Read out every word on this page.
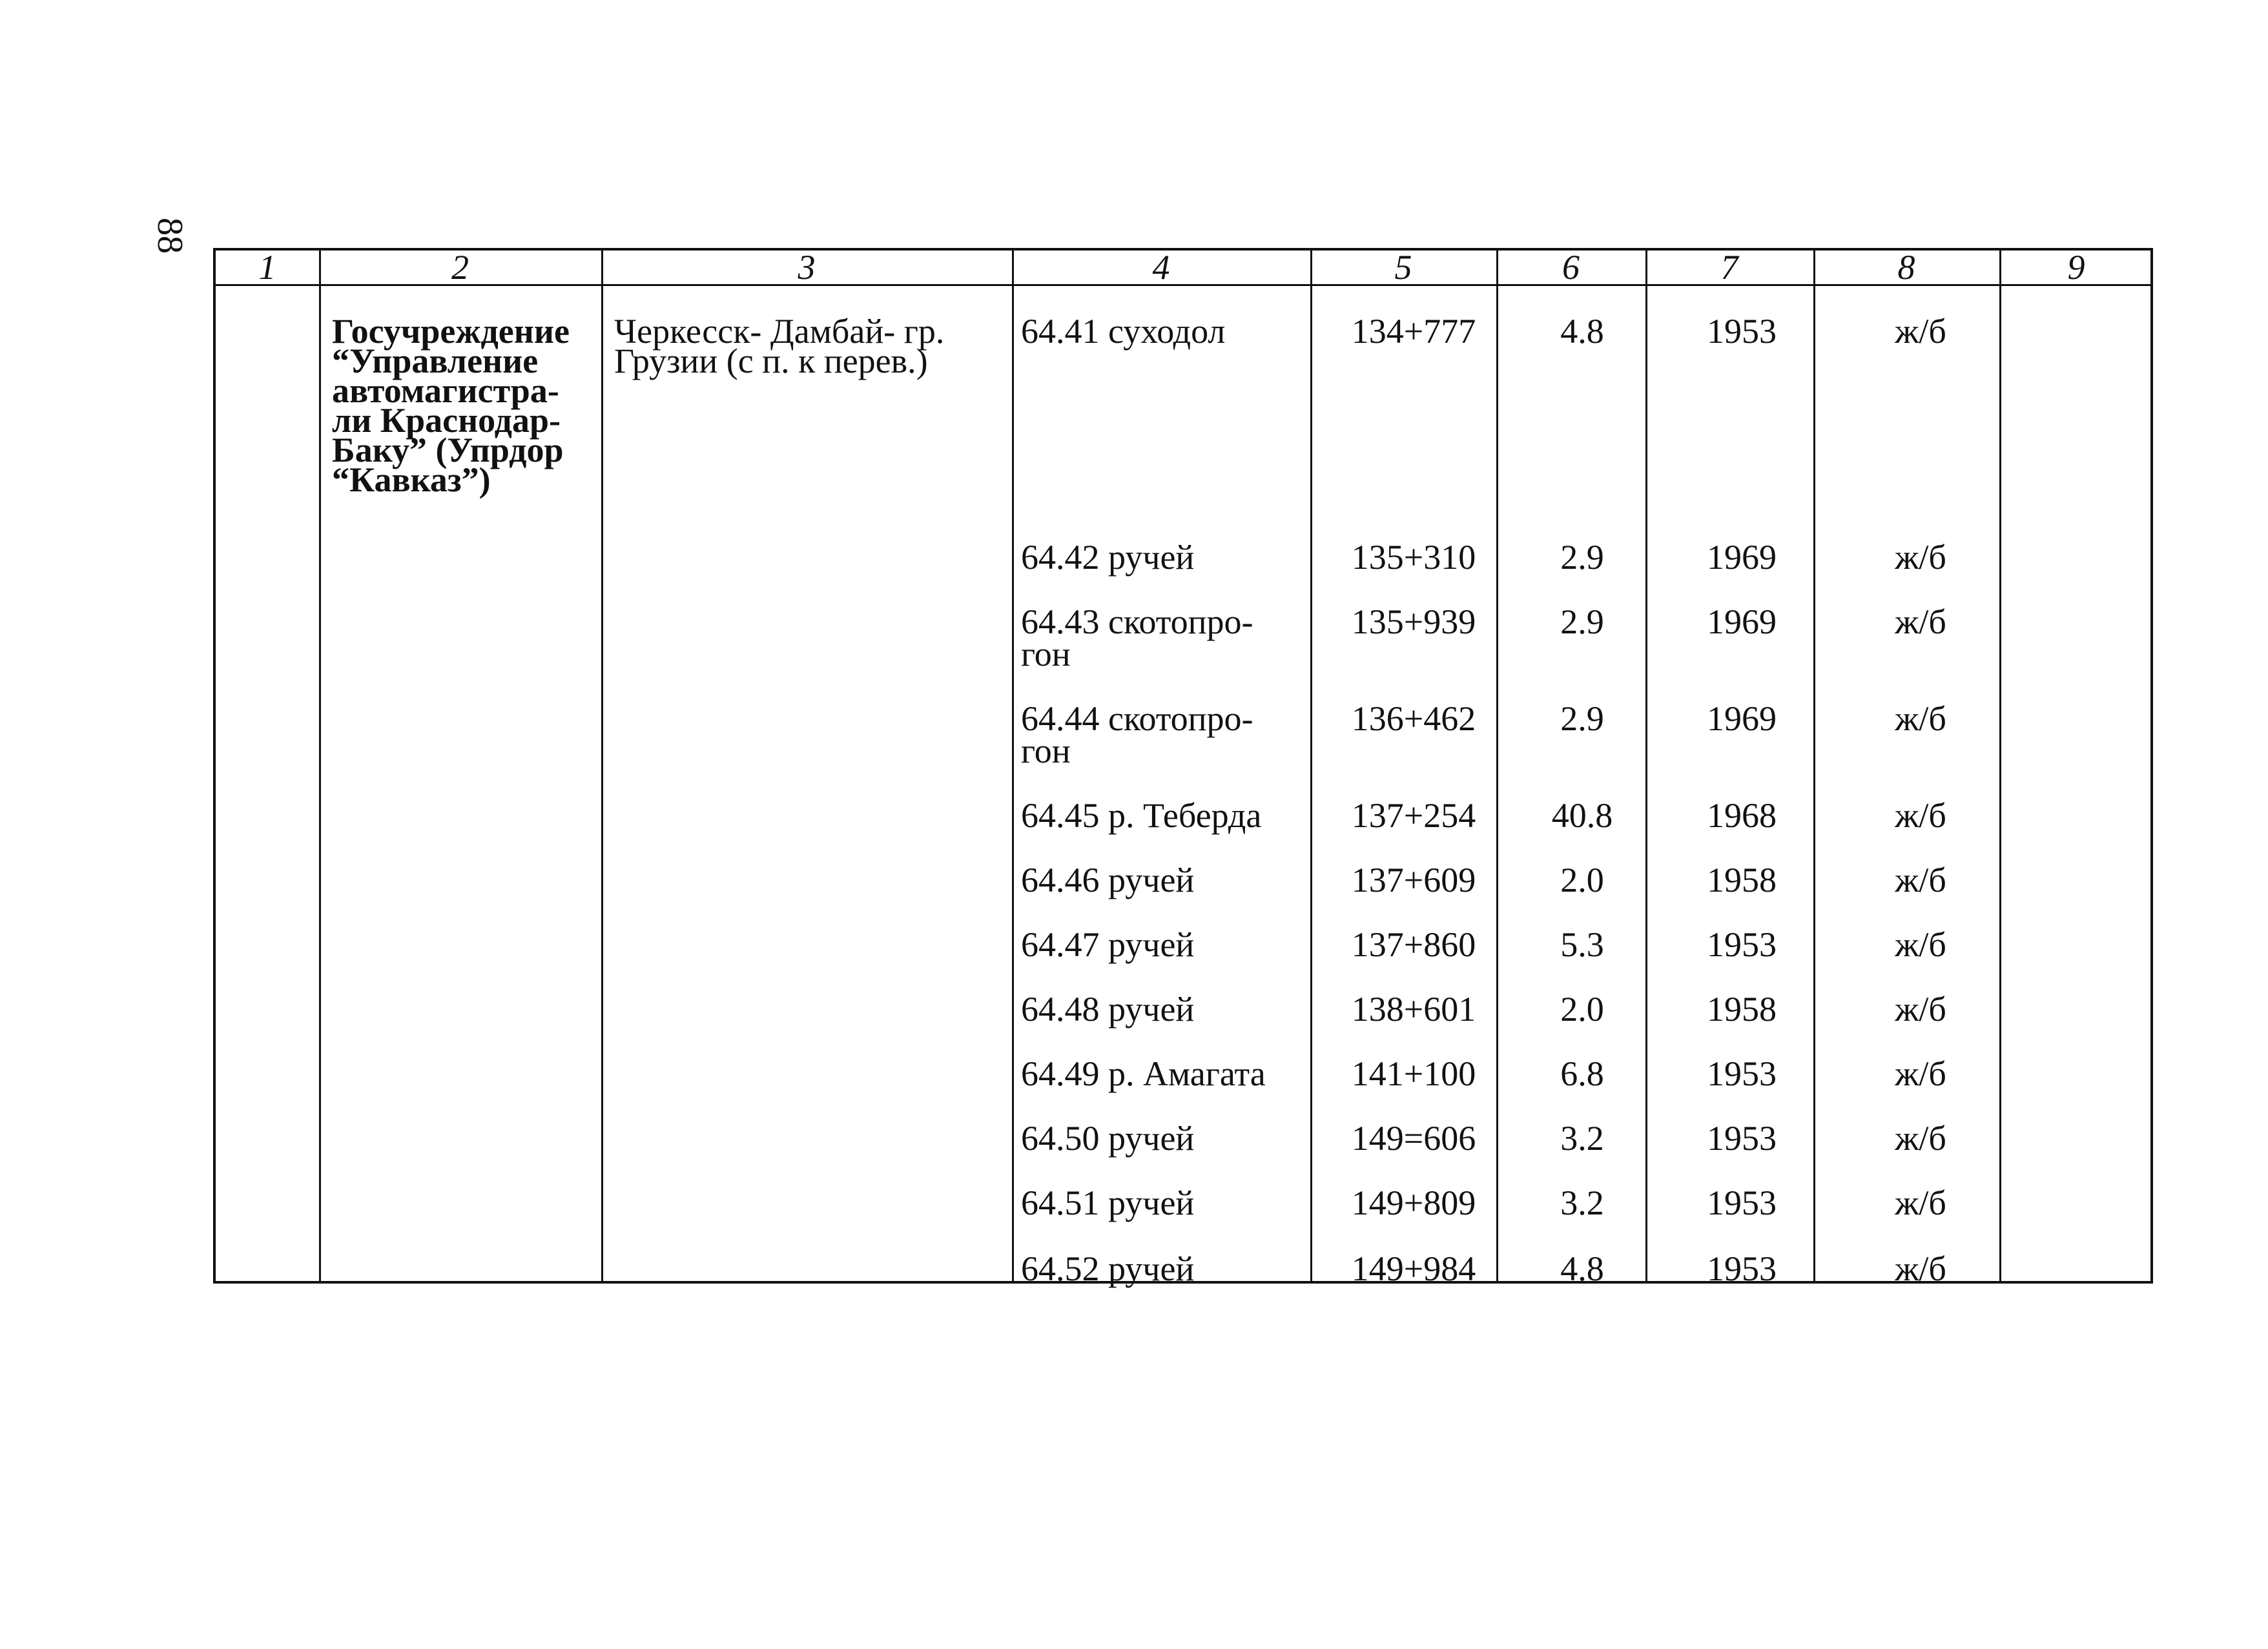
88
1	2	3	4	5	6	7	8	9
Госучреждение
“Управление
автомагистра-
ли Краснодар-
Баку” (Упрдор
“Кавказ”)
Черкесск- Дамбай- гр.
Грузии (с п. к перев.)
64.41 суходол	134+777	4.8	1953	ж/б
64.42 ручей	135+310	2.9	1969	ж/б
64.43 скотопро-
гон
135+939	2.9	1969	ж/б
64.44 скотопро-
гон
136+462	2.9	1969	ж/б
64.45 р. Теберда	137+254	40.8	1968	ж/б
64.46 ручей	137+609	2.0	1958	ж/б
64.47 ручей	137+860	5.3	1953	ж/б
64.48 ручей	138+601	2.0	1958	ж/б
64.49 р. Амагата	141+100	6.8	1953	ж/б
64.50 ручей	149=606	3.2	1953	ж/б
64.51 ручей	149+809	3.2	1953	ж/б
64.52 ручей	149+984	4.8	1953	ж/б
